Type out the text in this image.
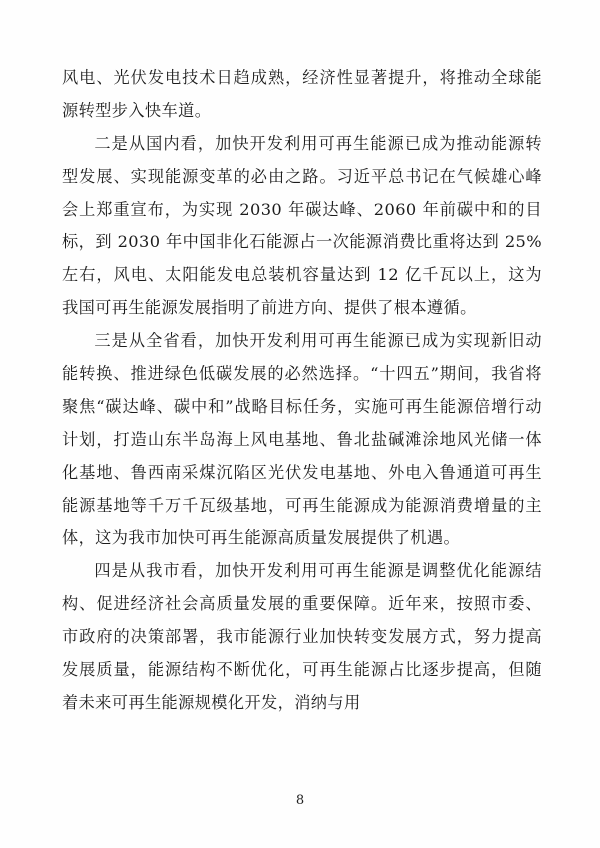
风电、光伏发电技术日趋成熟，经济性显著提升，将推动全球能源转型步入快车道。

二是从国内看，加快开发利用可再生能源已成为推动能源转型发展、实现能源变革的必由之路。习近平总书记在气候雄心峰会上郑重宣布，为实现 2030 年碳达峰、2060 年前碳中和的目标，到 2030 年中国非化石能源占一次能源消费比重将达到 25%左右，风电、太阳能发电总装机容量达到 12 亿千瓦以上，这为我国可再生能源发展指明了前进方向、提供了根本遵循。

三是从全省看，加快开发利用可再生能源已成为实现新旧动能转换、推进绿色低碳发展的必然选择。“十四五”期间，我省将聚焦“碳达峰、碳中和”战略目标任务，实施可再生能源倍增行动计划，打造山东半岛海上风电基地、鲁北盐碱滩涂地风光储一体化基地、鲁西南采煤沉陷区光伏发电基地、外电入鲁通道可再生能源基地等千万千瓦级基地，可再生能源成为能源消费增量的主体，这为我市加快可再生能源高质量发展提供了机遇。

四是从我市看，加快开发利用可再生能源是调整优化能源结构、促进经济社会高质量发展的重要保障。近年来，按照市委、市政府的决策部署，我市能源行业加快转变发展方式，努力提高发展质量，能源结构不断优化，可再生能源占比逐步提高，但随着未来可再生能源规模化开发，消纳与用

8
